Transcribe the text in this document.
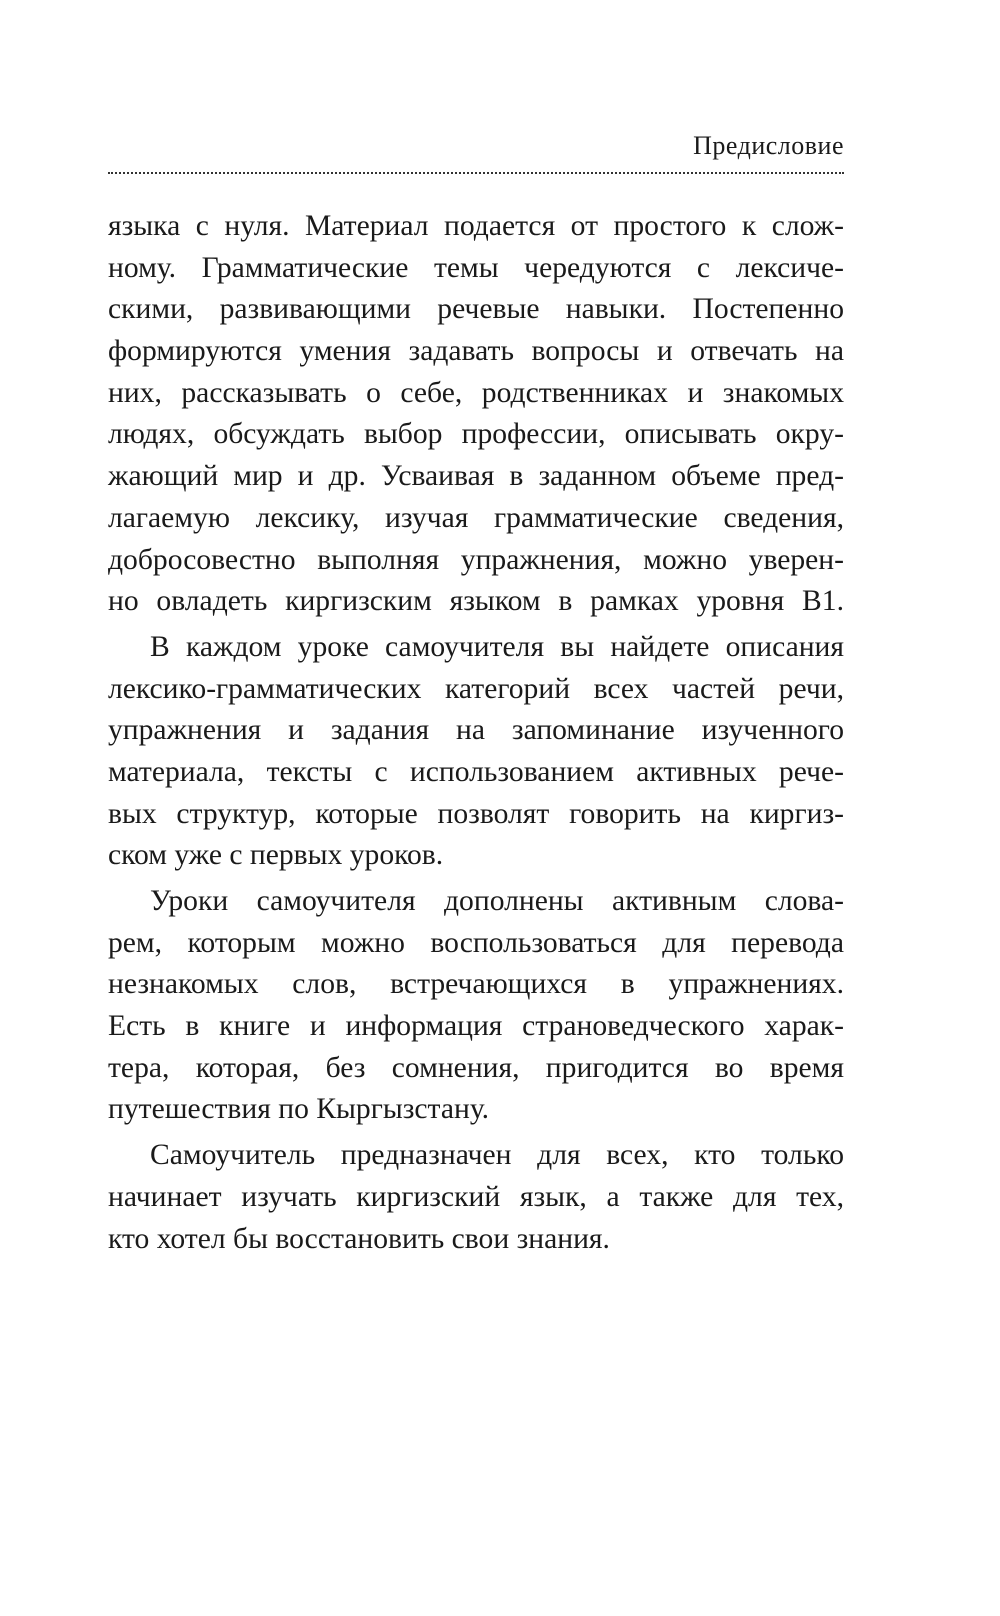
Предисловие

языка с нуля. Материал подается от простого к слож-
ному. Грамматические темы чередуются с лексиче-
скими, развивающими речевые навыки. Постепенно
формируются умения задавать вопросы и отвечать на
них, рассказывать о себе, родственниках и знакомых
людях, обсуждать выбор профессии, описывать окру-
жающий мир и др. Усваивая в заданном объеме пред-
лагаемую лексику, изучая грамматические сведения,
добросовестно выполняя упражнения, можно уверен-
но овладеть киргизским языком в рамках уровня В1.

В каждом уроке самоучителя вы найдете описания
лексико-грамматических категорий всех частей речи,
упражнения и задания на запоминание изученного
материала, тексты с использованием активных рече-
вых структур, которые позволят говорить на киргиз-
ском уже с первых уроков.

Уроки самоучителя дополнены активным слова-
рем, которым можно воспользоваться для перевода
незнакомых слов, встречающихся в упражнениях.
Есть в книге и информация страноведческого харак-
тера, которая, без сомнения, пригодится во время
путешествия по Кыргызстану.

Самоучитель предназначен для всех, кто только
начинает изучать киргизский язык, а также для тех,
кто хотел бы восстановить свои знания.
